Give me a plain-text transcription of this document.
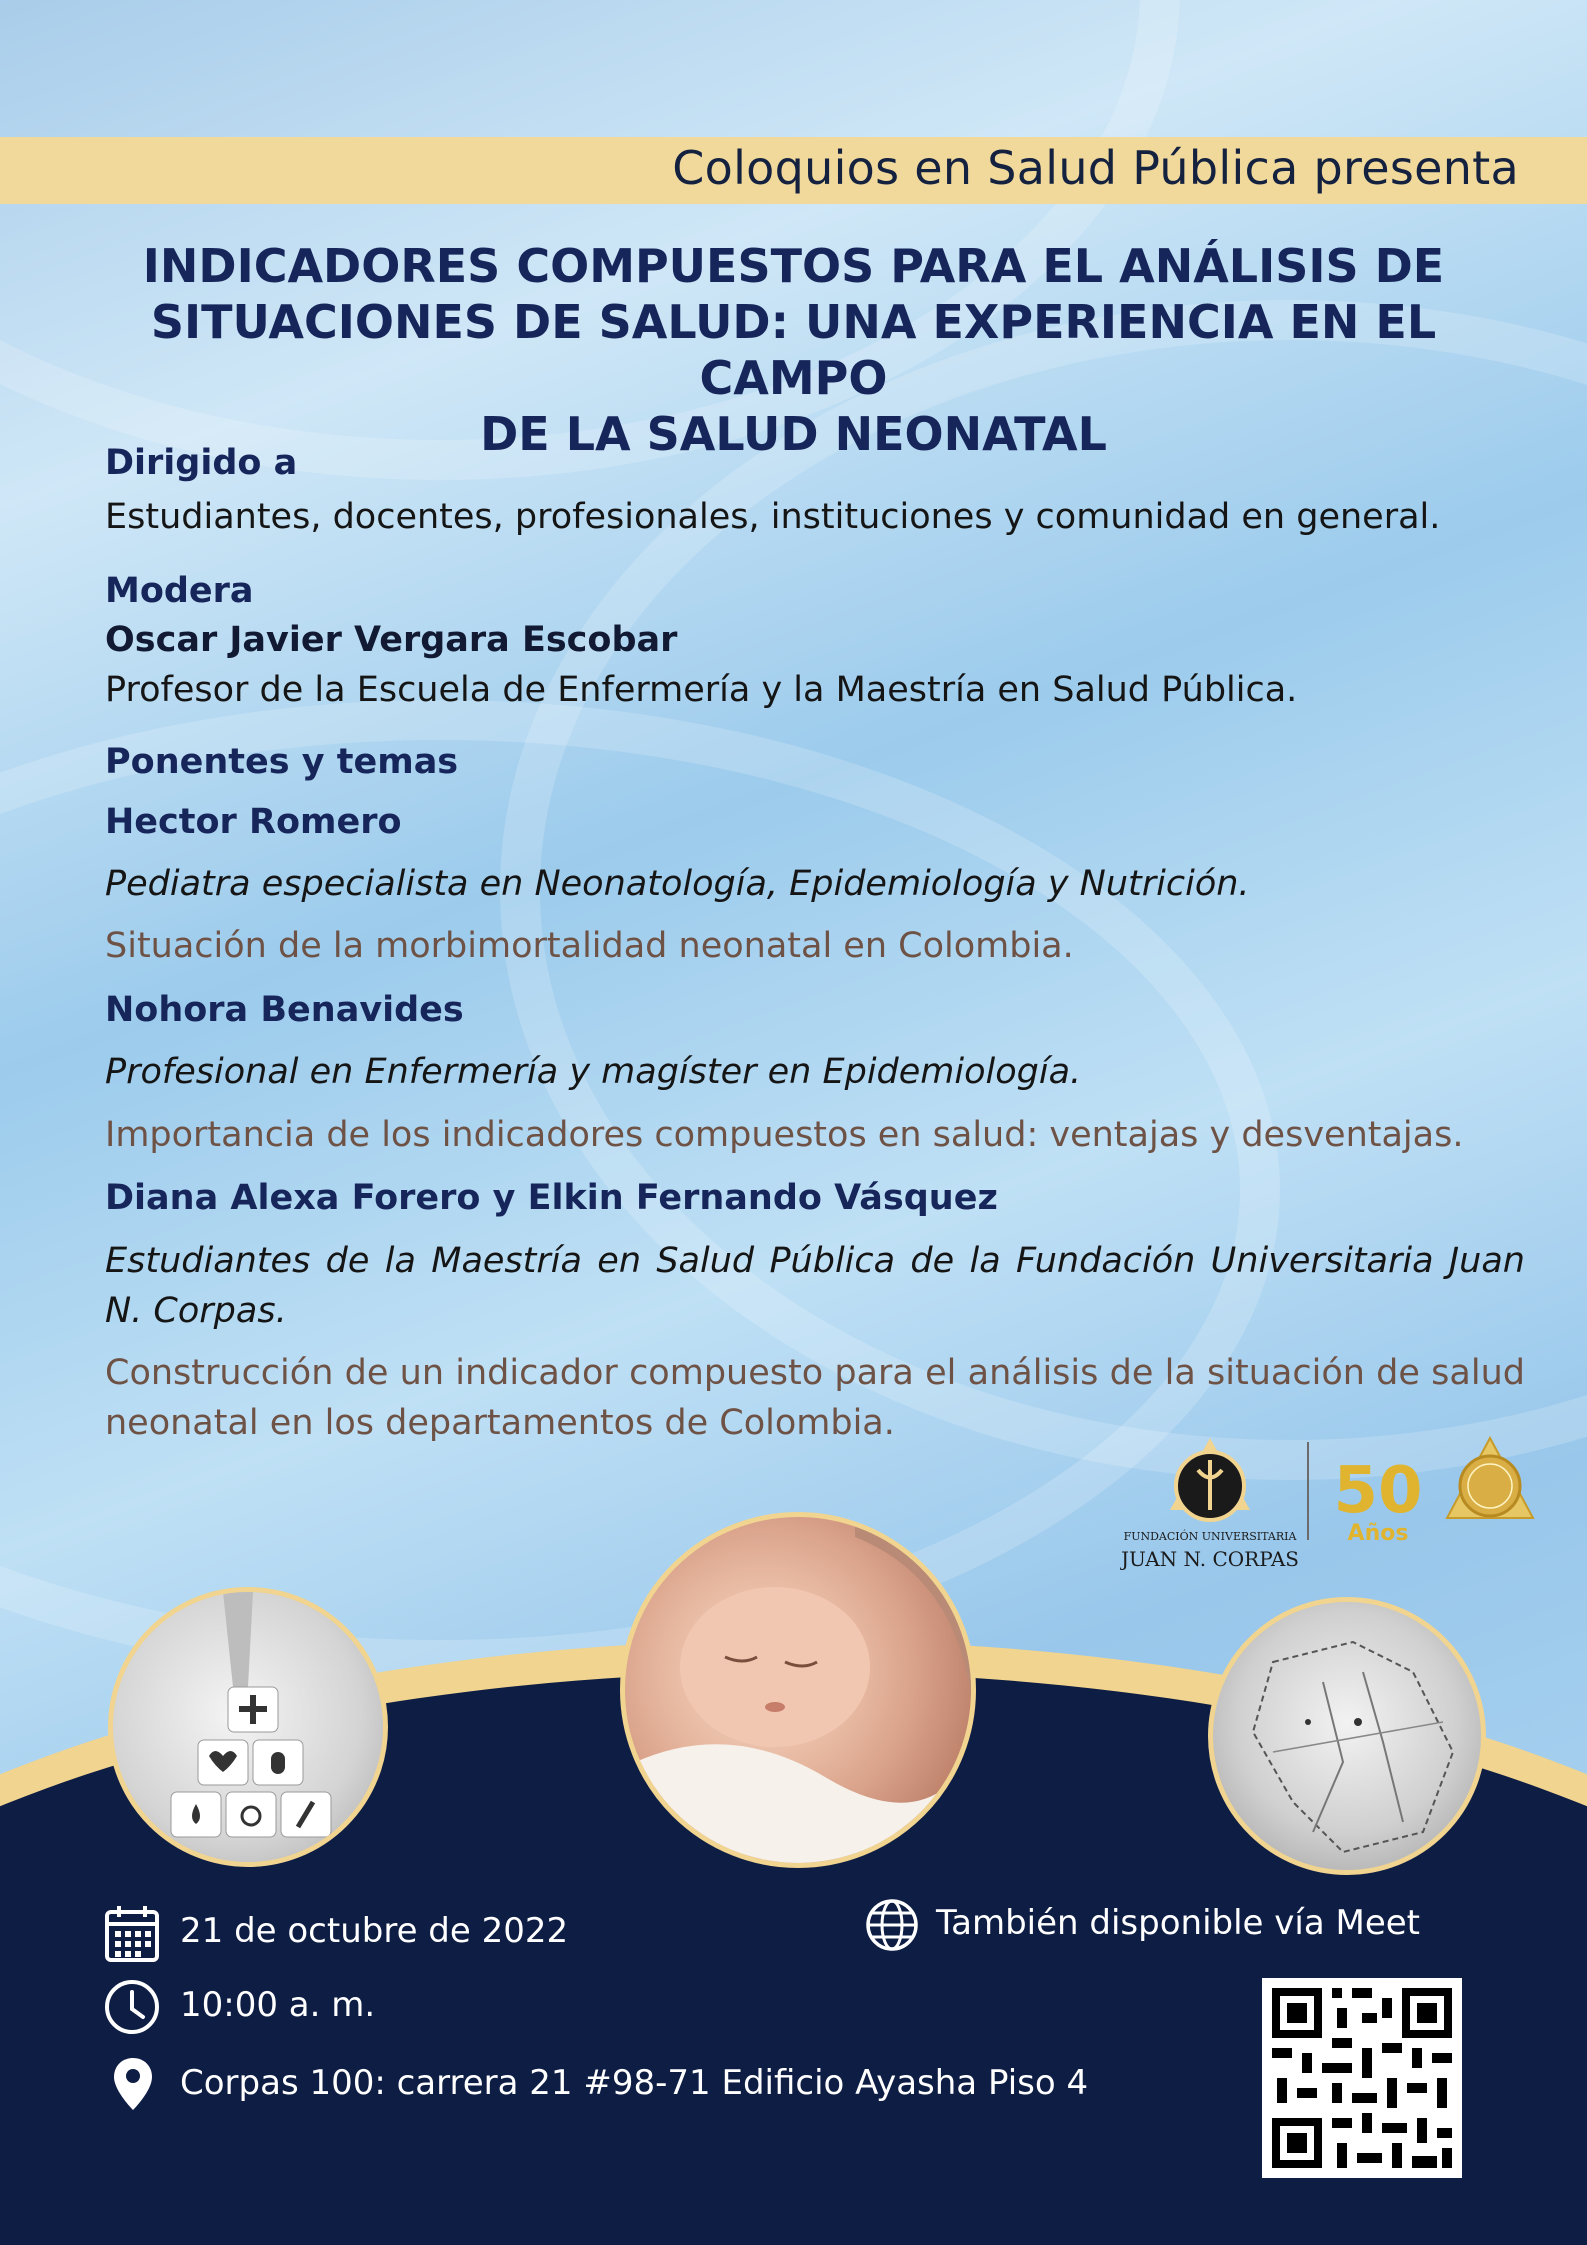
Coloquios en Salud Pública presenta
INDICADORES COMPUESTOS PARA EL ANÁLISIS DE
SITUACIONES DE SALUD: UNA EXPERIENCIA EN EL CAMPO
DE LA SALUD NEONATAL
Dirigido a
Estudiantes, docentes, profesionales, instituciones y comunidad en general.
Modera
Oscar Javier Vergara Escobar
Profesor de la Escuela de Enfermería y la Maestría en Salud Pública.
Ponentes y temas
Hector Romero
Pediatra especialista en Neonatología, Epidemiología y Nutrición.
Situación de la morbimortalidad neonatal en Colombia.
Nohora Benavides
Profesional en Enfermería y magíster en Epidemiología.
Importancia de los indicadores compuestos en salud: ventajas y desventajas.
Diana Alexa Forero y Elkin Fernando Vásquez
Estudiantes de la Maestría en Salud Pública de la Fundación Universitaria Juan N. Corpas.
Construcción de un indicador compuesto para el análisis de la situación de salud neonatal en los departamentos de Colombia.
FUNDACIÓN UNIVERSITARIA
JUAN N. CORPAS
50
Años
21 de octubre de 2022
10:00 a. m.
Corpas 100: carrera 21 #98-71 Edificio Ayasha Piso 4
También disponible vía Meet
